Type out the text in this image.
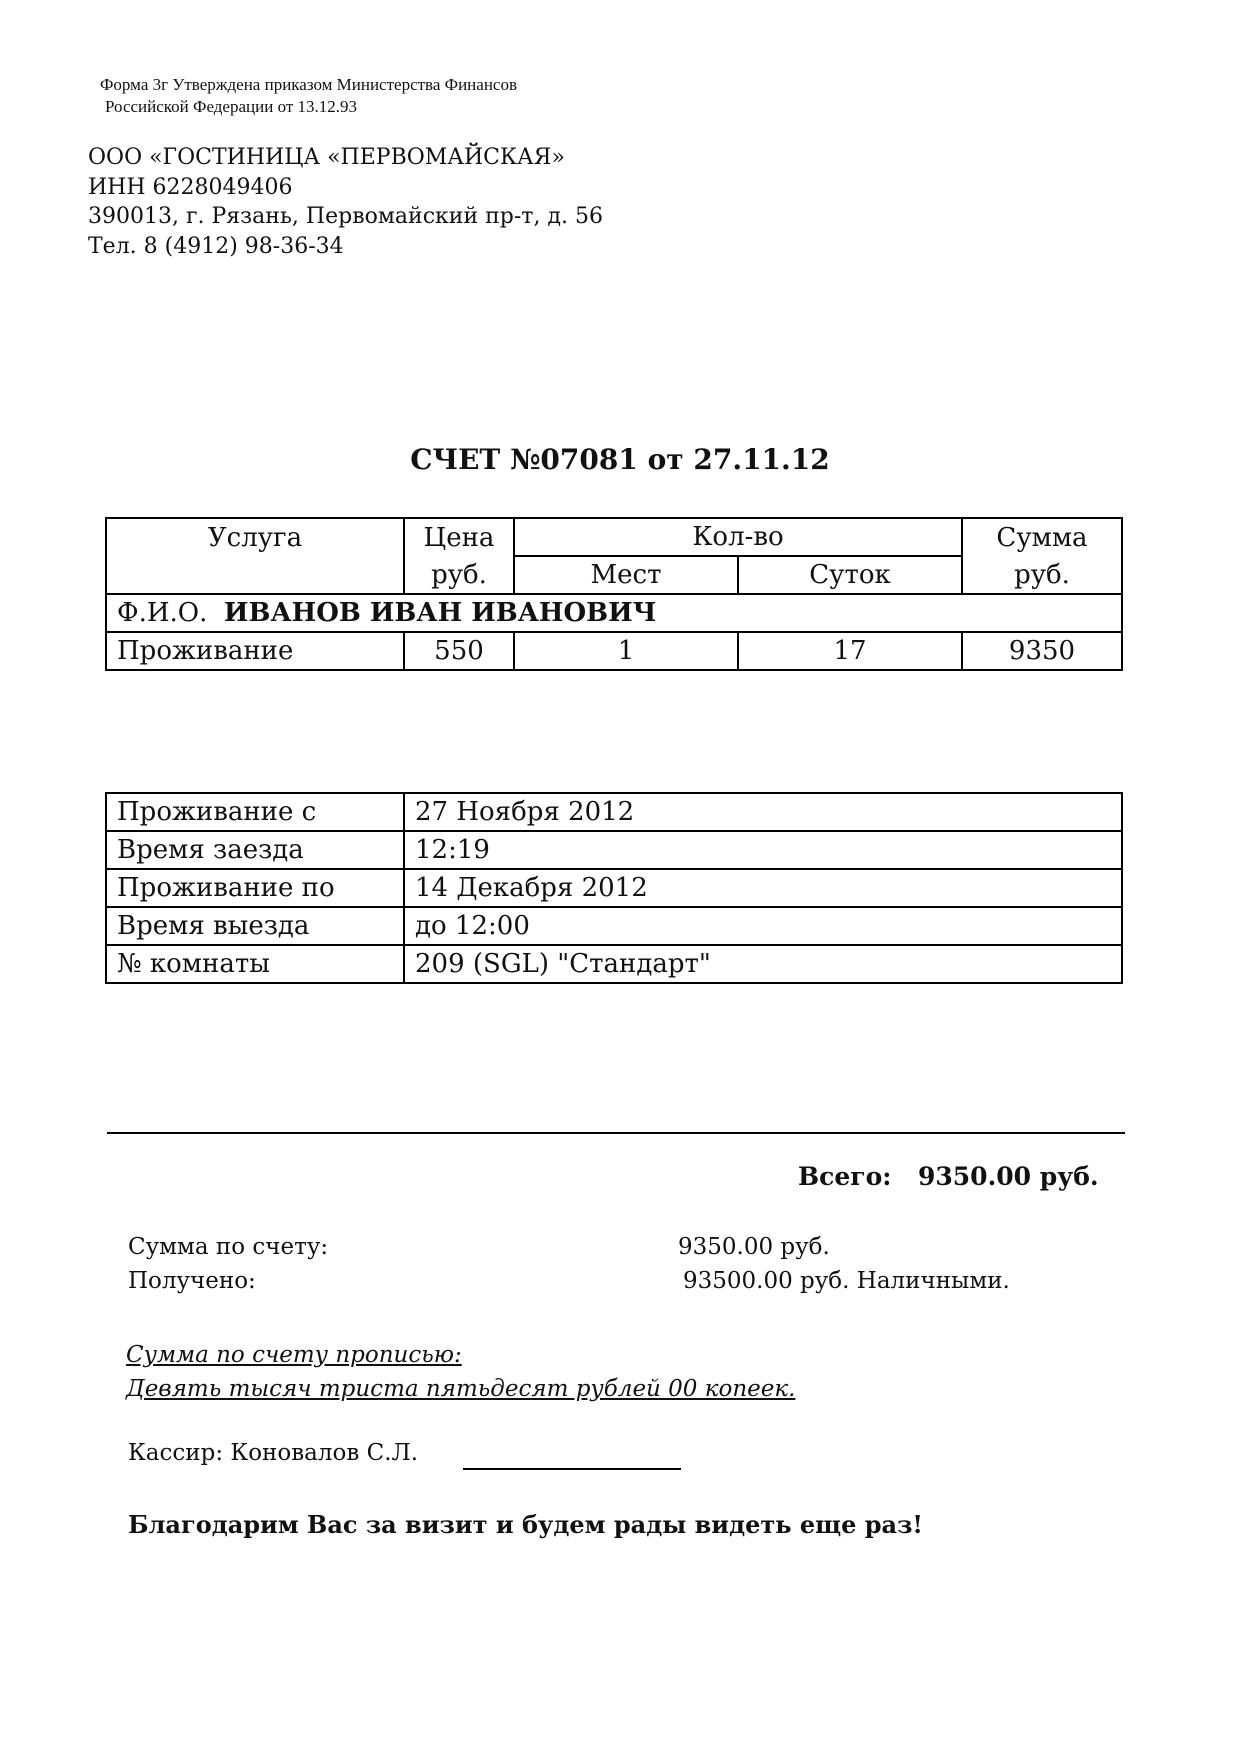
Форма 3г Утверждена приказом Министерства Финансов
Российской Федерации от 13.12.93
ООО «ГОСТИНИЦА «ПЕРВОМАЙСКАЯ»
ИНН 6228049406
390013, г. Рязань, Первомайский пр-т, д. 56
Тел. 8 (4912) 98-36-34
СЧЕТ №07081 от 27.11.12
Услуга	Цена	Кол-во		Сумма
	руб.	Мест	Суток	руб.
Ф.И.О. ИВАНОВ ИВАН ИВАНОВИЧ				
Проживание	550	1	17	9350
Проживание с	27 Ноября 2012
Время заезда	12:19
Проживание по	14 Декабря 2012
Время выезда	до 12:00
№ комнаты	209 (SGL) "Стандарт"
Всего: 9350.00 руб.
Сумма по счету:	9350.00 руб.
Получено:	93500.00 руб. Наличными.
Сумма по счету прописью:
Девять тысяч триста пятьдесят рублей 00 копеек.
Кассир: Коновалов С.Л.
Благодарим Вас за визит и будем рады видеть еще раз!
